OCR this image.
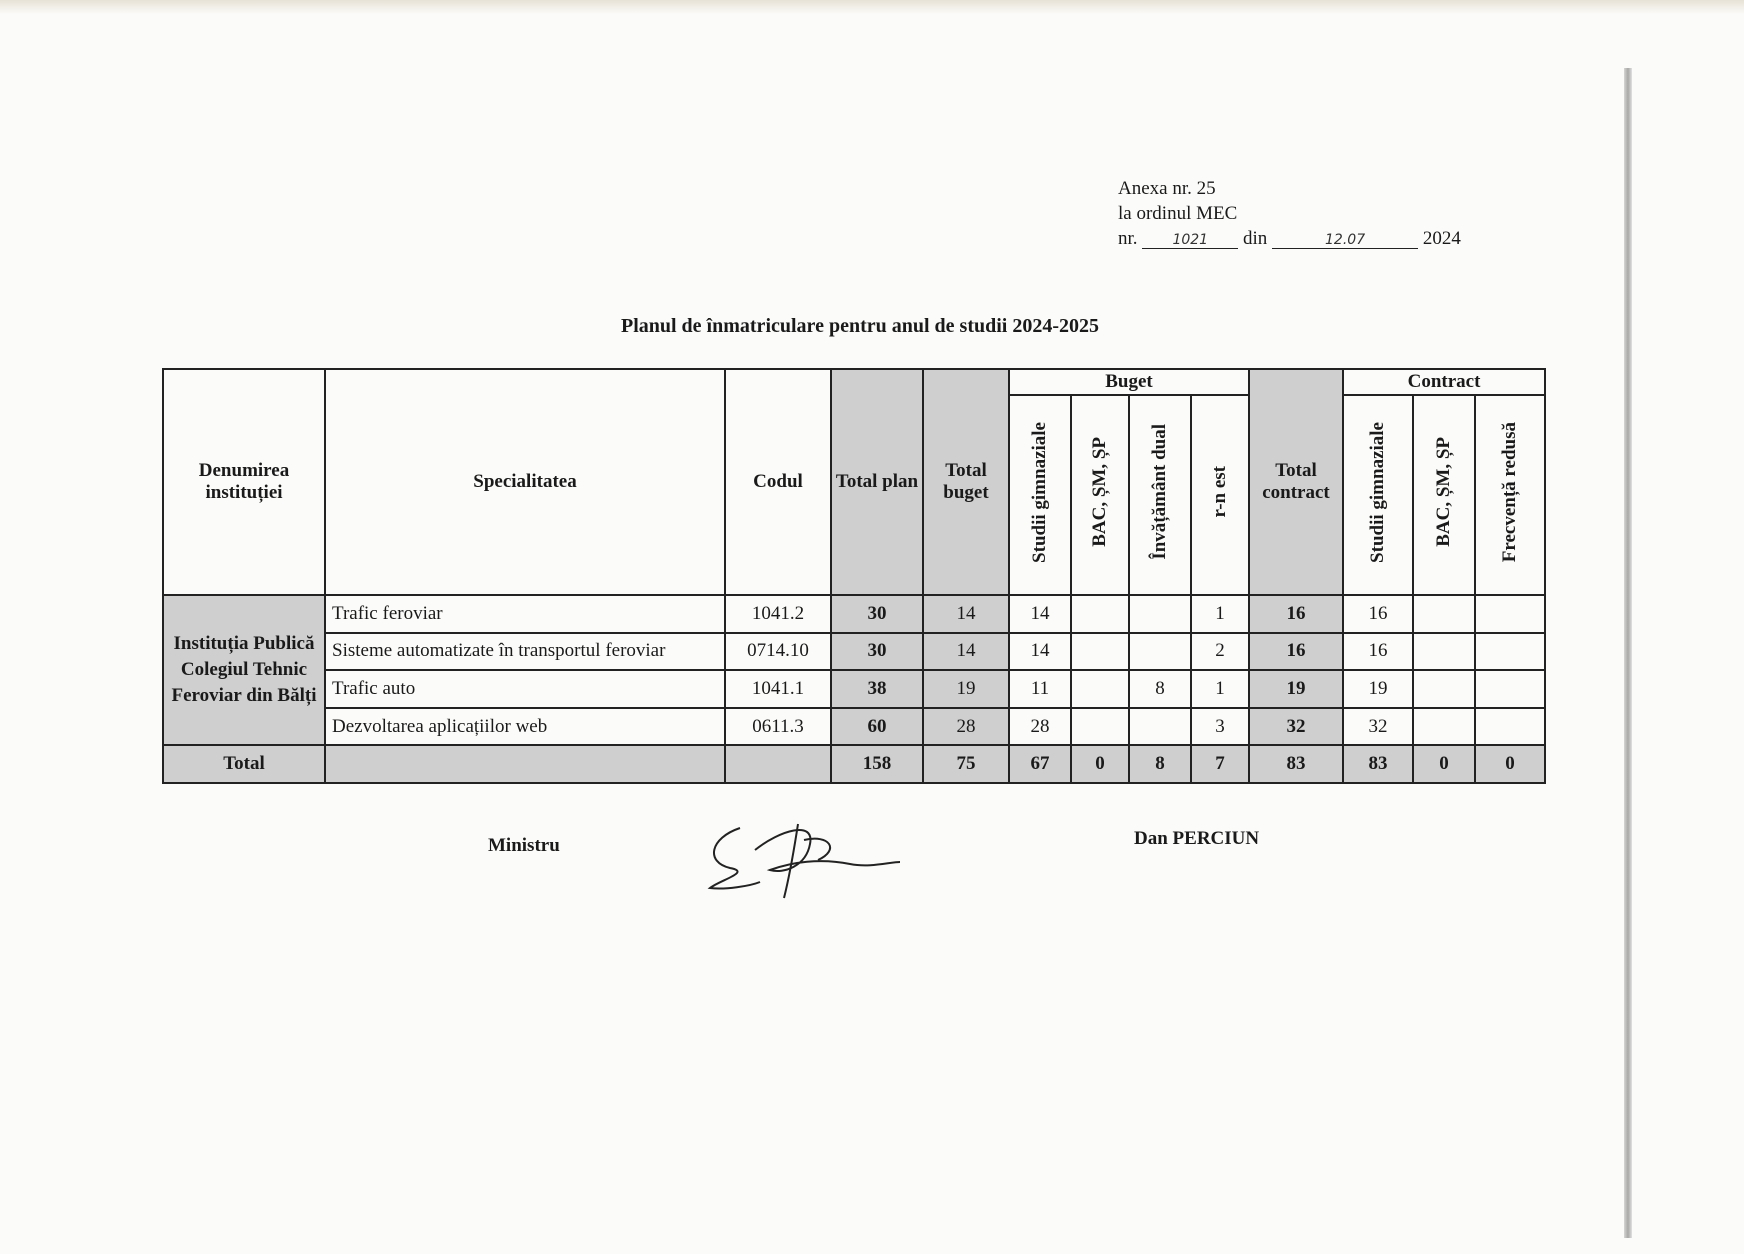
Anexa nr. 25
la ordinul MEC
nr. 1021 din	12.07	2024
Planul de înmatriculare pentru anul de studii 2024-2025
Denumirea instituției	Specialitatea	Codul	Total plan	Total buget	Buget				Total contract	Contract		
					Studii gimnaziale	BAC, ȘM, ȘP	Învățământ dual	r-n est		Studii gimnaziale	BAC, ȘM, ȘP	Frecvență redusă
Instituția Publică Colegiul Tehnic Feroviar din Bălți	Trafic feroviar	1041.2	30	14	14			1	16	16		
	Sisteme automatizate în transportul feroviar	0714.10	30	14	14			2	16	16		
	Trafic auto	1041.1	38	19	11		8	1	19	19		
	Dezvoltarea aplicațiilor web	0611.3	60	28	28			3	32	32		
Total			158	75	67	0	8	7	83	83	0	0
Ministru	Dan PERCIUN
